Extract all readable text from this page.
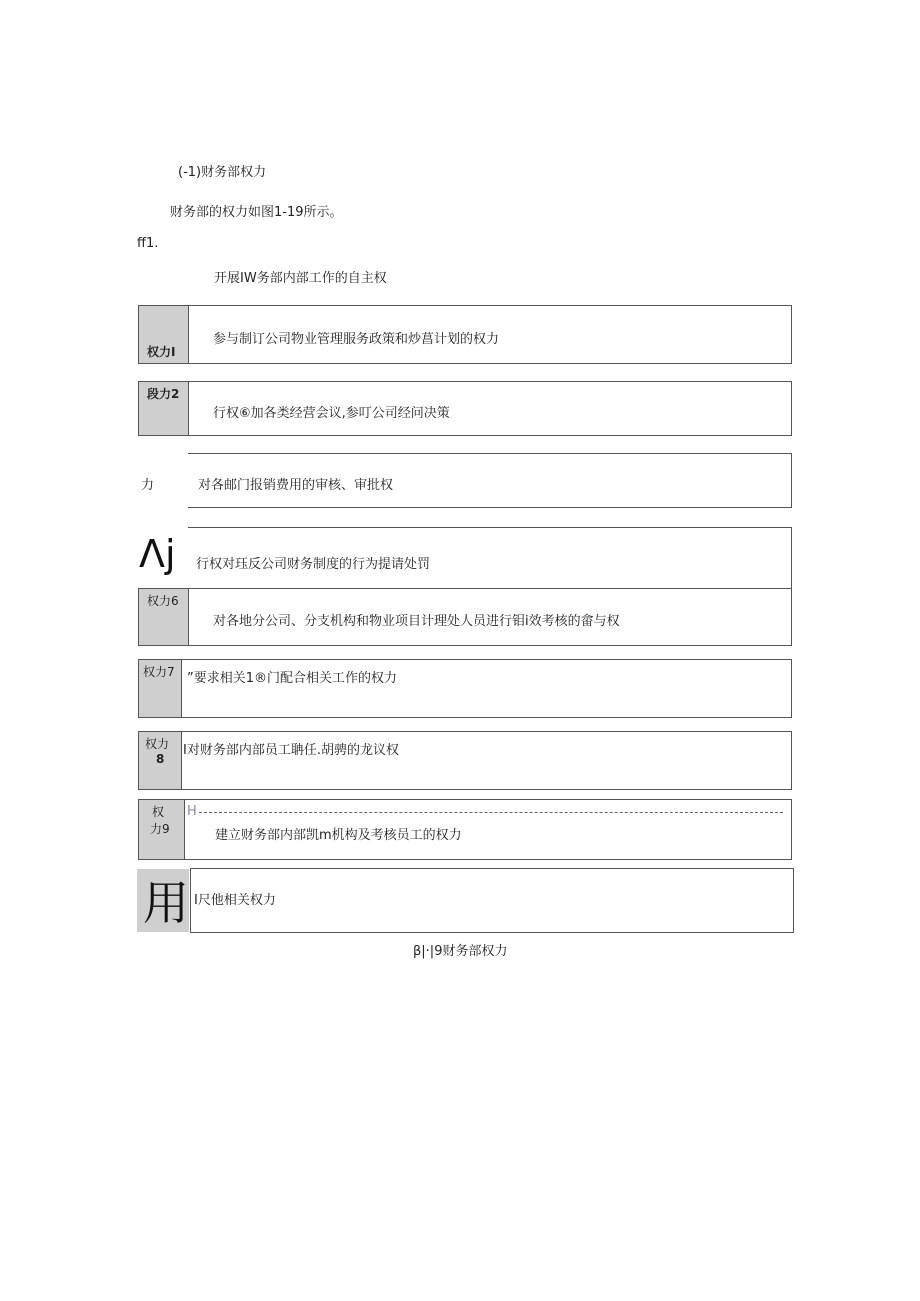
(-1)财务部权力
财务部的权力如图1-19所示。
ff1.
开展IW务部内部工作的自主权
权力I
参与制订公司物业管理服务政策和炒菖计划的权力
段力2
行权⑥加各类经营会议,参叮公司经问决策
力	对各邮门报销费用的审核、审批权
Λj 行权对珏反公司财务制度的行为提请处罚
权力6
对各地分公司、分支机构和物业项目计理处人员进行钼i效考核的畲与权
权力7 ”要求相关1®门配合相关工作的权力
权力
8
I对财务部内部员工聃任.胡骋的龙议权
权
力9
H
建立财务部内部凯m机构及考核员工的权力
用 I尺他相关权力
β|·|9财务部权力
